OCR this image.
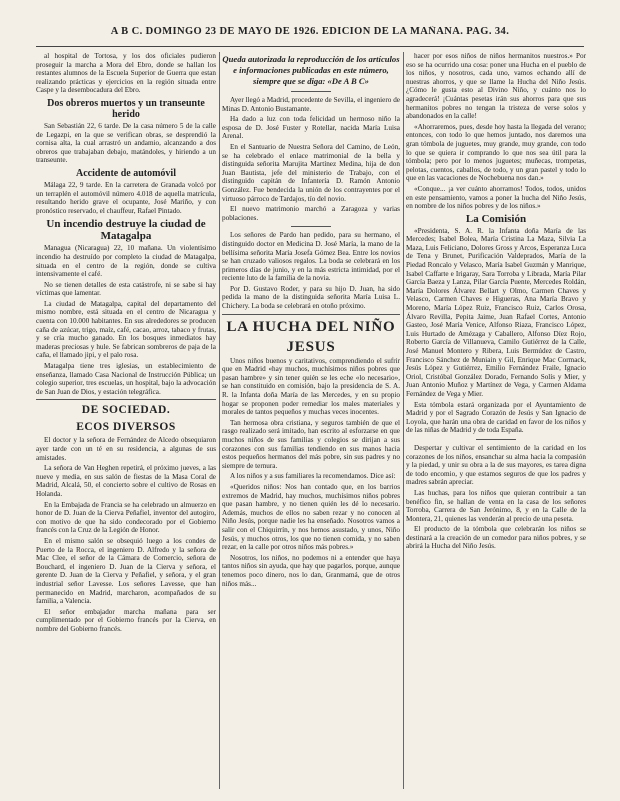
A B C. DOMINGO 23 DE MAYO DE 1926. EDICION DE LA MAÑANA. PAG. 34.

al hospital de Tortosa, y los dos oficiales pudieron proseguir la marcha a Mora del Ebro, donde se hallan los restantes alumnos de la Escuela Superior de Guerra que estan realizando prácticas y ejercicios en la región situada entre Caspe y la desembocadura del Ebro.

Dos obreros muertos y un transeunte herido

San Sebastián 22, 6 tarde. De la casa número 5 de la calle de Legazpi, en la que se verifican obras, se desprendió la cornisa alta, la cual arrastró un andamio, alcanzando a dos obreros que trabajaban debajo, matándoles, y hiriendo a un transeunte.

Accidente de automóvil

Málaga 22, 9 tarde. En la carretera de Granada volcó por un terraplén el automóvil número 4.018 de aquella matrícula, resultando herido grave el ocupante, José Mariño, y con pronóstico reservado, el chauffeur, Rafael Pintado.

Un incendio destruye la ciudad de Matagalpa

Managua (Nicaragua) 22, 10 mañana. Un violentísimo incendio ha destruído por completo la ciudad de Matagalpa, situada en el centro de la región, donde se cultiva intensivamente el café.

No se tienen detalles de esta catástrofe, ni se sabe si hay víctimas que lamentar.

La ciudad de Matagalpa, capital del departamento del mismo nombre, está situada en el centro de Nicaragua y cuenta con 10.000 habitantes. En sus alrededores se producen caña de azúcar, trigo, maíz, café, cacao, arroz, tabaco y frutas, y se cría mucho ganado. En los bosques inmediatos hay maderas preciosas y hule. Se fabrican sombreros de paja de la caña, el llamado jipi, y el palo rosa.

Matagalpa tiene tres iglesias, un establecimiento de enseñanza, llamado Casa Nacional de Instrucción Pública; un colegio superior, tres escuelas, un hospital, bajo la advocación de San Juan de Dios, y estación telegráfica.

DE SOCIEDAD.
ECOS DIVERSOS

El doctor y la señora de Fernández de Alcedo obsequiaron ayer tarde con un té en su residencia, a algunas de sus amistades.

La señora de Van Heghen repetirá, el próximo jueves, a las nueve y media, en sus salón de fiestas de la Masa Coral de Madrid, Alcalá, 50, el concierto sobre el cultivo de Rosas en Holanda.

En la Embajada de Francia se ha celebrado un almuerzo en honor de D. Juan de la Cierva Peñafiel, inventor del autogiro, con motivo de que ha sido condecorado por el Gobierno francés con la Cruz de la Legión de Honor.

En el mismo salón se obsequió luego a los condes de Puerto de la Rocca, el ingeniero D. Alfredo y la señora de Mac Clee, el señor de la Cámara de Comercio, señora de Bouchard, el ingeniero D. Juan de la Cierva y señora, el gerente D. Juan de la Cierva y Peñafiel, y señora, y el gran industrial señor Lavesse. Los señores Lavesse, que han permanecido en Madrid, marcharon, acompañados de su familia, a Valencia.

El señor embajador marcha mañana para ser cumplimentado por el Gobierno francés por la Cierva, en nombre del Gobierno francés.

Queda autorizada la reproducción de los artículos e informaciones publicadas en este número, siempre que se diga: «De A B C»

Ayer llegó a Madrid, procedente de Sevilla, el ingeniero de Minas D. Antonio Bustamante.

Ha dado a luz con toda felicidad un hermoso niño la esposa de D. José Fuster y Rotellar, nacida María Luisa Arenal.

En el Santuario de Nuestra Señora del Camino, de León, se ha celebrado el enlace matrimonial de la bella y distinguida señorita Marujita Martínez Medina, hija de don Juan Bautista, jefe del ministerio de Trabajo, con el distinguido capitán de Infantería D. Ramón Antonio González. Fue bendecida la unión de los contrayentes por el virtuoso párroco de Tardajos, tío del novio.

El nuevo matrimonio marchó a Zaragoza y varias poblaciones.

Los señores de Pardo han pedido, para su hermano, el distinguido doctor en Medicina D. José María, la mano de la bellísima señorita María Josefa Gómez Bea. Entre los novios se han cruzado valiosos regalos. La boda se celebrará en los primeros días de junio, y en la más estricta intimidad, por el reciente luto de la familia de la novia.

Por D. Gustavo Roder, y para su hijo D. Juan, ha sido pedida la mano de la distinguida señorita María Luisa L. Chichery. La boda se celebrará en otoño próximo.

LA HUCHA DEL NIÑO
JESUS

Unos niños buenos y caritativos, comprendiendo el sufrir que en Madrid «hay muchos, muchísimos niños pobres que pasan hambre» y sin tener quién se les eche «lo necesario», se han constituido en comisión, bajo la presidencia de S. A. R. la Infanta doña María de las Mercedes, y en su propio hogar se proponen poder remediar los males materiales y morales de tantos pequeños y muchas veces inocentes.

Tan hermosa obra cristiana, y seguros también de que el rasgo realizado será imitado, han escrito al esforzarse en que muchos niños de sus familias y colegios se dirijan a sus corazones con sus familias tendiendo en sus manos hacia estos pequeños hermanos del más pobre, sin sus padres y no siempre de ternura.

A los niños y a sus familiares la recomendamos. Dice así:

«Queridos niños: Nos han contado que, en los barrios extremos de Madrid, hay muchos, muchísimos niños pobres que pasan hambre, y no tienen quién les dé lo necesario. Además, muchos de ellos no saben rezar y no conocen al Niño Jesús, porque nadie les ha enseñado. Nosotros vamos a salir con el Chiquirrín, y nos hemos asustado, y unos, Niño Jesús, y muchos otros, los que no tienen comida, y no saben rezar, en la calle por otros niños más pobres.»

Nosotros, los niños, no podemos ni a entender que haya tantos niños sin ayuda, que hay que pagarlos, porque, aunque tenemos poco dinero, nos lo dan, Granmamá, que de otros niños más...

hacer por esos niños de niños hermanitos nuestros.» Por eso se ha ocurrido una cosa: poner una Hucha en el pueblo de los niños, y nosotros, cada uno, vamos echando allí de nuestras ahorros, y que se llame la Hucha del Niño Jesús. ¿Cómo le gusta esto al Divino Niño, y cuánto nos lo agradecerá! ¡Cuántas pesetas irán sus ahorros para que sus hermanitos pobres no tengan la tristeza de verse solos y abandonados en la calle!

«Ahorraremos, pues, desde hoy hasta la llegada del verano; entonces, con todo lo que hemos juntado, nos daremos una gran tómbola de juguetes, muy grande, muy grande, con todo lo que se quiera ir comprando lo que nos sea útil para la tómbola; pero por lo menos juguetes; muñecas, trompetas, pelotas, cuentos, caballos, de todo, y un gran pastel y todo lo que en las vacaciones de Nochebuena nos dan.»

«Conque... ¡a ver cuánto ahorramos! Todos, todos, unidos en este pensamiento, vamos a poner la hucha del Niño Jesús, en nombre de los niños pobres y de los niños.»

La Comisión

«Presidenta, S. A. R. la Infanta doña María de las Mercedes; Isabel Bolea, María Cristina La Maza, Silvia La Maza, Luis Feliciano, Dolores Gross y Arcos, Esperanza Luca de Tena y Brunet, Purificación Valdeprados, María de la Piedad Roncalo y Velasco, María Isabel Guzmán y Manrique, Isabel Caffarte e Irigaray, Sara Torroba y Librada, María Pilar García Baeza y Lanza, Pilar García Puente, Mercedes Roldán, María Dolores Álvarez Bellart y Olmo, Carmen Chaves y Velasco, Carmen Chaves e Higueras, Ana María Bravo y Moreno, María López Ruiz, Francisco Ruiz, Carlos Orosa, Álvaro Revilla, Pepita Jaime, Juan Rafael Cortes, Antonio Gasteo, José María Venice, Alfonso Riaza, Francisco López, Luis Hurtado de Amézaga y Caballero, Alfonso Díez Rojo, Roberto García de Villanueva, Camilo Gutiérrez de la Calle, José Manuel Montero y Ribera, Luis Bermúdez de Castro, Francisco Sánchez de Muniain y Gil, Enrique Mac Cormack, Jesús López y Gutiérrez, Emilio Fernández Fraile, Ignacio Oriol, Cristóbal González Dorado, Fernando Solís y Mier, y Juan Antonio Muñoz y Martínez de Vega, y Carmen Aldama Fernández de Vega y Mier.

Esta tómbola estará organizada por el Ayuntamiento de Madrid y por el Sagrado Corazón de Jesús y San Ignacio de Loyola, que harán una obra de caridad en favor de los niños y de las niñas de Madrid y de toda España.

Despertar y cultivar el sentimiento de la caridad en los corazones de los niños, ensanchar su alma hacia la compasión y la piedad, y unir su obra a la de sus mayores, es tarea digna de todo encomio, y que estamos seguros de que los padres y madres sabrán apreciar.

Las huchas, para los niños que quieran contribuir a tan benéfico fin, se hallan de venta en la casa de los señores Torroba, Carrera de San Jerónimo, 8, y en la Calle de la Montera, 21, quienes las venderán al precio de una peseta.

El producto de la tómbola que celebrarán los niños se destinará a la creación de un comedor para niños pobres, y se abrirá la Hucha del Niño Jesús.
